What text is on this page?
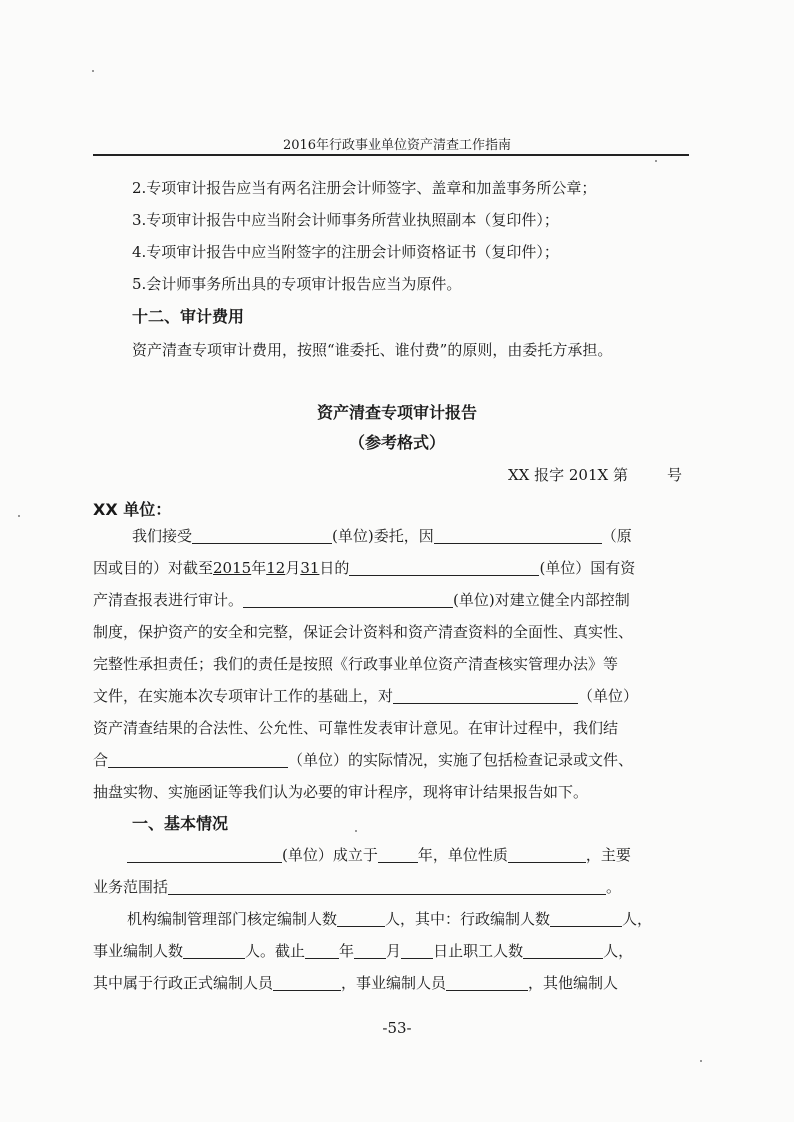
2016年行政事业单位资产清查工作指南
2.专项审计报告应当有两名注册会计师签字、盖章和加盖事务所公章；
3.专项审计报告中应当附会计师事务所营业执照副本（复印件）；
4.专项审计报告中应当附签字的注册会计师资格证书（复印件）；
5.会计师事务所出具的专项审计报告应当为原件。
十二、审计费用
资产清查专项审计费用，按照“谁委托、谁付费”的原则，由委托方承担。
资产清查专项审计报告
（参考格式）
XX 报字 201X 第	号
XX 单位：
我们接受	(单位)委托，因	（原
因或目的）对截至2015年12月31日的	(单位）国有资
产清查报表进行审计。	(单位)对建立健全内部控制
制度，保护资产的安全和完整，保证会计资料和资产清查资料的全面性、真实性、
完整性承担责任；我们的责任是按照《行政事业单位资产清查核实管理办法》等
文件，在实施本次专项审计工作的基础上，对	（单位）
资产清查结果的合法性、公允性、可靠性发表审计意见。在审计过程中，我们结
合	（单位）的实际情况，实施了包括检查记录或文件、
抽盘实物、实施函证等我们认为必要的审计程序，现将审计结果报告如下。
一、基本情况
(单位）成立于	年，单位性质	，主要
业务范围括	。
机构编制管理部门核定编制人数	人，其中：行政编制人数	人，
事业编制人数	人。截止 年 月 日止职工人数	人，
其中属于行政正式编制人员	，事业编制人员	，其他编制人
-53-
